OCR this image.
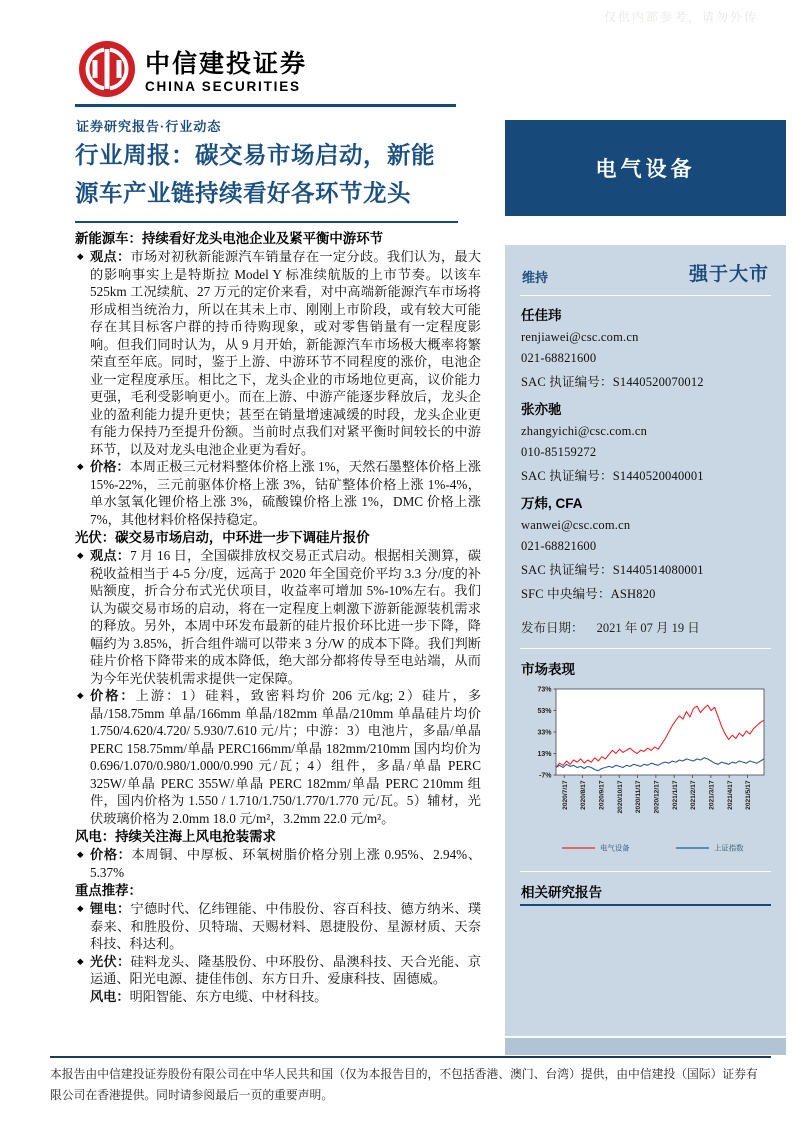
仅供内部参考，请勿外传
中信建投证券
CHINA SECURITIES
证券研究报告·行业动态
行业周报：碳交易市场启动，新能源车产业链持续看好各环节龙头
新能源车：持续看好龙头电池企业及紧平衡中游环节
◆ 观点：市场对初秋新能源汽车销量存在一定分歧。我们认为，最大的影响事实上是特斯拉 Model Y 标准续航版的上市节奏。以该车 525km 工况续航、27 万元的定价来看，对中高端新能源汽车市场将形成相当统治力，所以在其未上市、刚刚上市阶段，或有较大可能存在其目标客户群的持币待购现象，或对零售销量有一定程度影响。但我们同时认为，从 9 月开始，新能源汽车市场极大概率将繁荣直至年底。同时，鉴于上游、中游环节不同程度的涨价，电池企业一定程度承压。相比之下，龙头企业的市场地位更高，议价能力更强，毛利受影响更小。而在上游、中游产能逐步释放后，龙头企业的盈利能力提升更快；甚至在销量增速减缓的时段，龙头企业更有能力保持乃至提升份额。当前时点我们对紧平衡时间较长的中游环节，以及对龙头电池企业更为看好。

◆ 价格：本周正极三元材料整体价格上涨 1%，天然石墨整体价格上涨 15%-22%，三元前驱体价格上涨 3%，钴矿整体价格上涨 1%-4%，单水氢氧化锂价格上涨 3%，硫酸镍价格上涨 1%，DMC 价格上涨 7%，其他材料价格保持稳定。

光伏：碳交易市场启动，中环进一步下调硅片报价
◆ 观点：7 月 16 日，全国碳排放权交易正式启动。根据相关测算，碳税收益相当于 4-5 分/度，远高于 2020 年全国竞价平均 3.3 分/度的补贴额度，折合分布式光伏项目，收益率可增加 5%-10%左右。我们认为碳交易市场的启动，将在一定程度上刺激下游新能源装机需求的释放。另外，本周中环发布最新的硅片报价环比进一步下降，降幅约为 3.85%，折合组件端可以带来 3 分/W 的成本下降。我们判断硅片价格下降带来的成本降低，绝大部分都将传导至电站端，从而为今年光伏装机需求提供一定保障。

◆ 价格：上游：1）硅料，致密料均价 206 元/kg; 2）硅片，多晶/158.75mm 单晶/166mm 单晶/182mm 单晶/210mm 单晶硅片均价 1.750/4.620/4.720/ 5.930/7.610 元/片；中游：3）电池片，多晶/单晶 PERC 158.75mm/单晶 PERC166mm/单晶 182mm/210mm 国内均价为 0.696/1.070/0.980/1.000/0.990 元/瓦；4）组件，多晶/单晶 PERC 325W/单晶 PERC 355W/单晶 PERC 182mm/单晶 PERC 210mm 组件，国内价格为 1.550 / 1.710/1.750/1.770/1.770 元/瓦。5）辅材，光伏玻璃价格为 2.0mm 18.0 元/m²，3.2mm 22.0 元/m²。

风电：持续关注海上风电抢装需求
◆ 价格：本周铜、中厚板、环氧树脂价格分别上涨 0.95%、2.94%、5.37%

重点推荐：
◆ 锂电：宁德时代、亿纬锂能、中伟股份、容百科技、德方纳米、璞泰来、和胜股份、贝特瑞、天赐材料、恩捷股份、星源材质、天奈科技、科达利。

◆ 光伏：硅料龙头、隆基股份、中环股份、晶澳科技、天合光能、京运通、阳光电源、捷佳伟创、东方日升、爱康科技、固德威。

风电：明阳智能、东方电缆、中材科技。
电气设备
维持	强于大市
任佳玮
renjiawei@csc.com.cn
021-68821600
SAC 执证编号：S1440520070012
张亦驰
zhangyichi@csc.com.cn
010-85159272
SAC 执证编号：S1440520040001
万炜, CFA
wanwei@csc.com.cn
021-68821600
SAC 执证编号：S1440514080001
SFC 中央编号：ASH820
发布日期： 2021 年 07 月 19 日
市场表现
73%
53%
33%
13%
-7%
2020/7/17 2020/8/17 2020/9/17 2020/10/17 2020/11/17 2020/12/17 2021/1/17 2021/2/17 2021/3/17 2021/4/17 2021/5/17
电气设备	上证指数
相关研究报告

本报告由中信建投证券股份有限公司在中华人民共和国（仅为本报告目的，不包括香港、澳门、台湾）提供，由中信建投（国际）证券有

限公司在香港提供。同时请参阅最后一页的重要声明。
